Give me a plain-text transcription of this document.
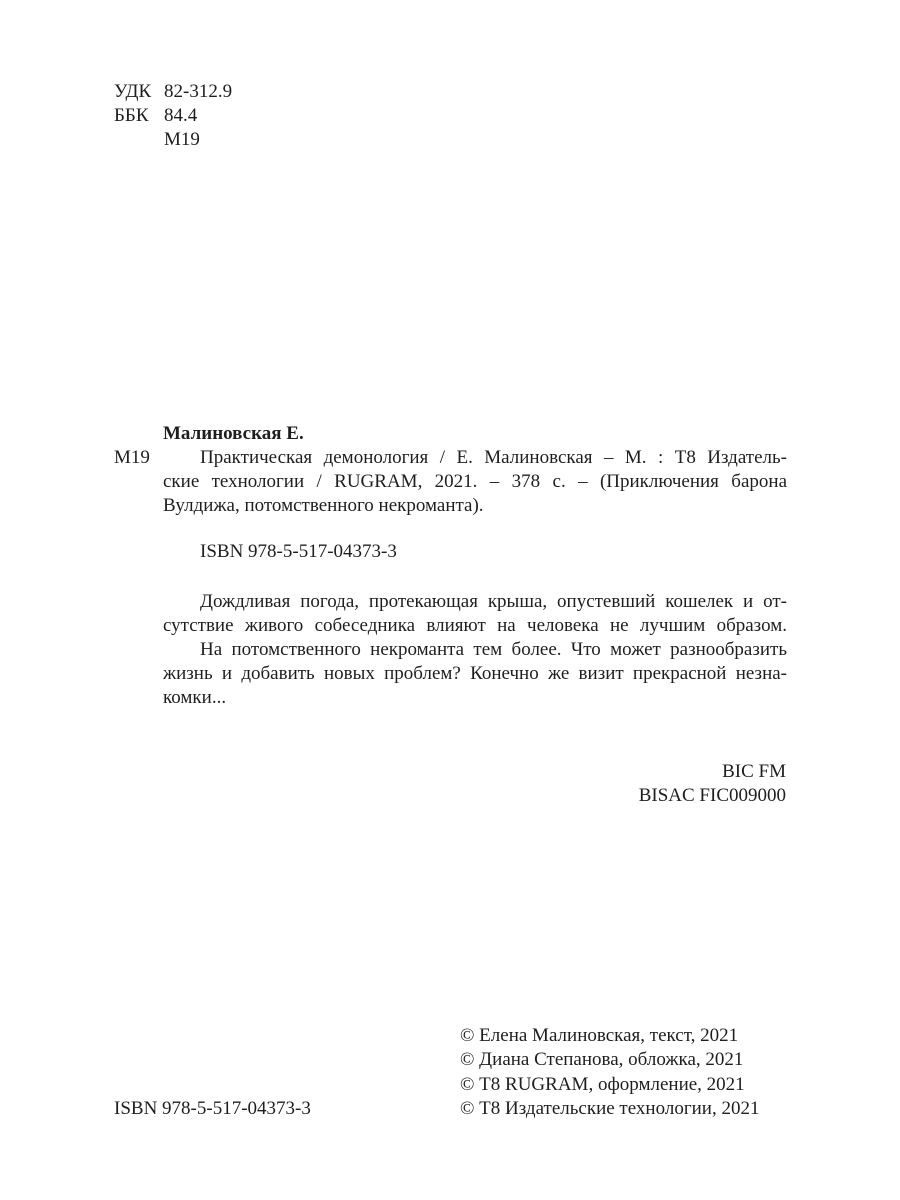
УДК 82-312.9
ББК 84.4
М19
Малиновская Е.
М19	Практическая демонология / Е. Малиновская – М. : Т8 Издатель-
ские технологии / RUGRAM, 2021. – 378 с. – (Приключения барона
Вулдижа, потомственного некроманта).
ISBN 978-5-517-04373-3
Дождливая погода, протекающая крыша, опустевший кошелек и от-
сутствие живого собеседника влияют на человека не лучшим образом.
На потомственного некроманта тем более. Что может разнообразить
жизнь и добавить новых проблем? Конечно же визит прекрасной незна-
комки...
BIC FM
BISAC FIC009000
© Елена Малиновская, текст, 2021
© Диана Степанова, обложка, 2021
© Т8 RUGRAM, оформление, 2021
© Т8 Издательские технологии, 2021
ISBN 978-5-517-04373-3
